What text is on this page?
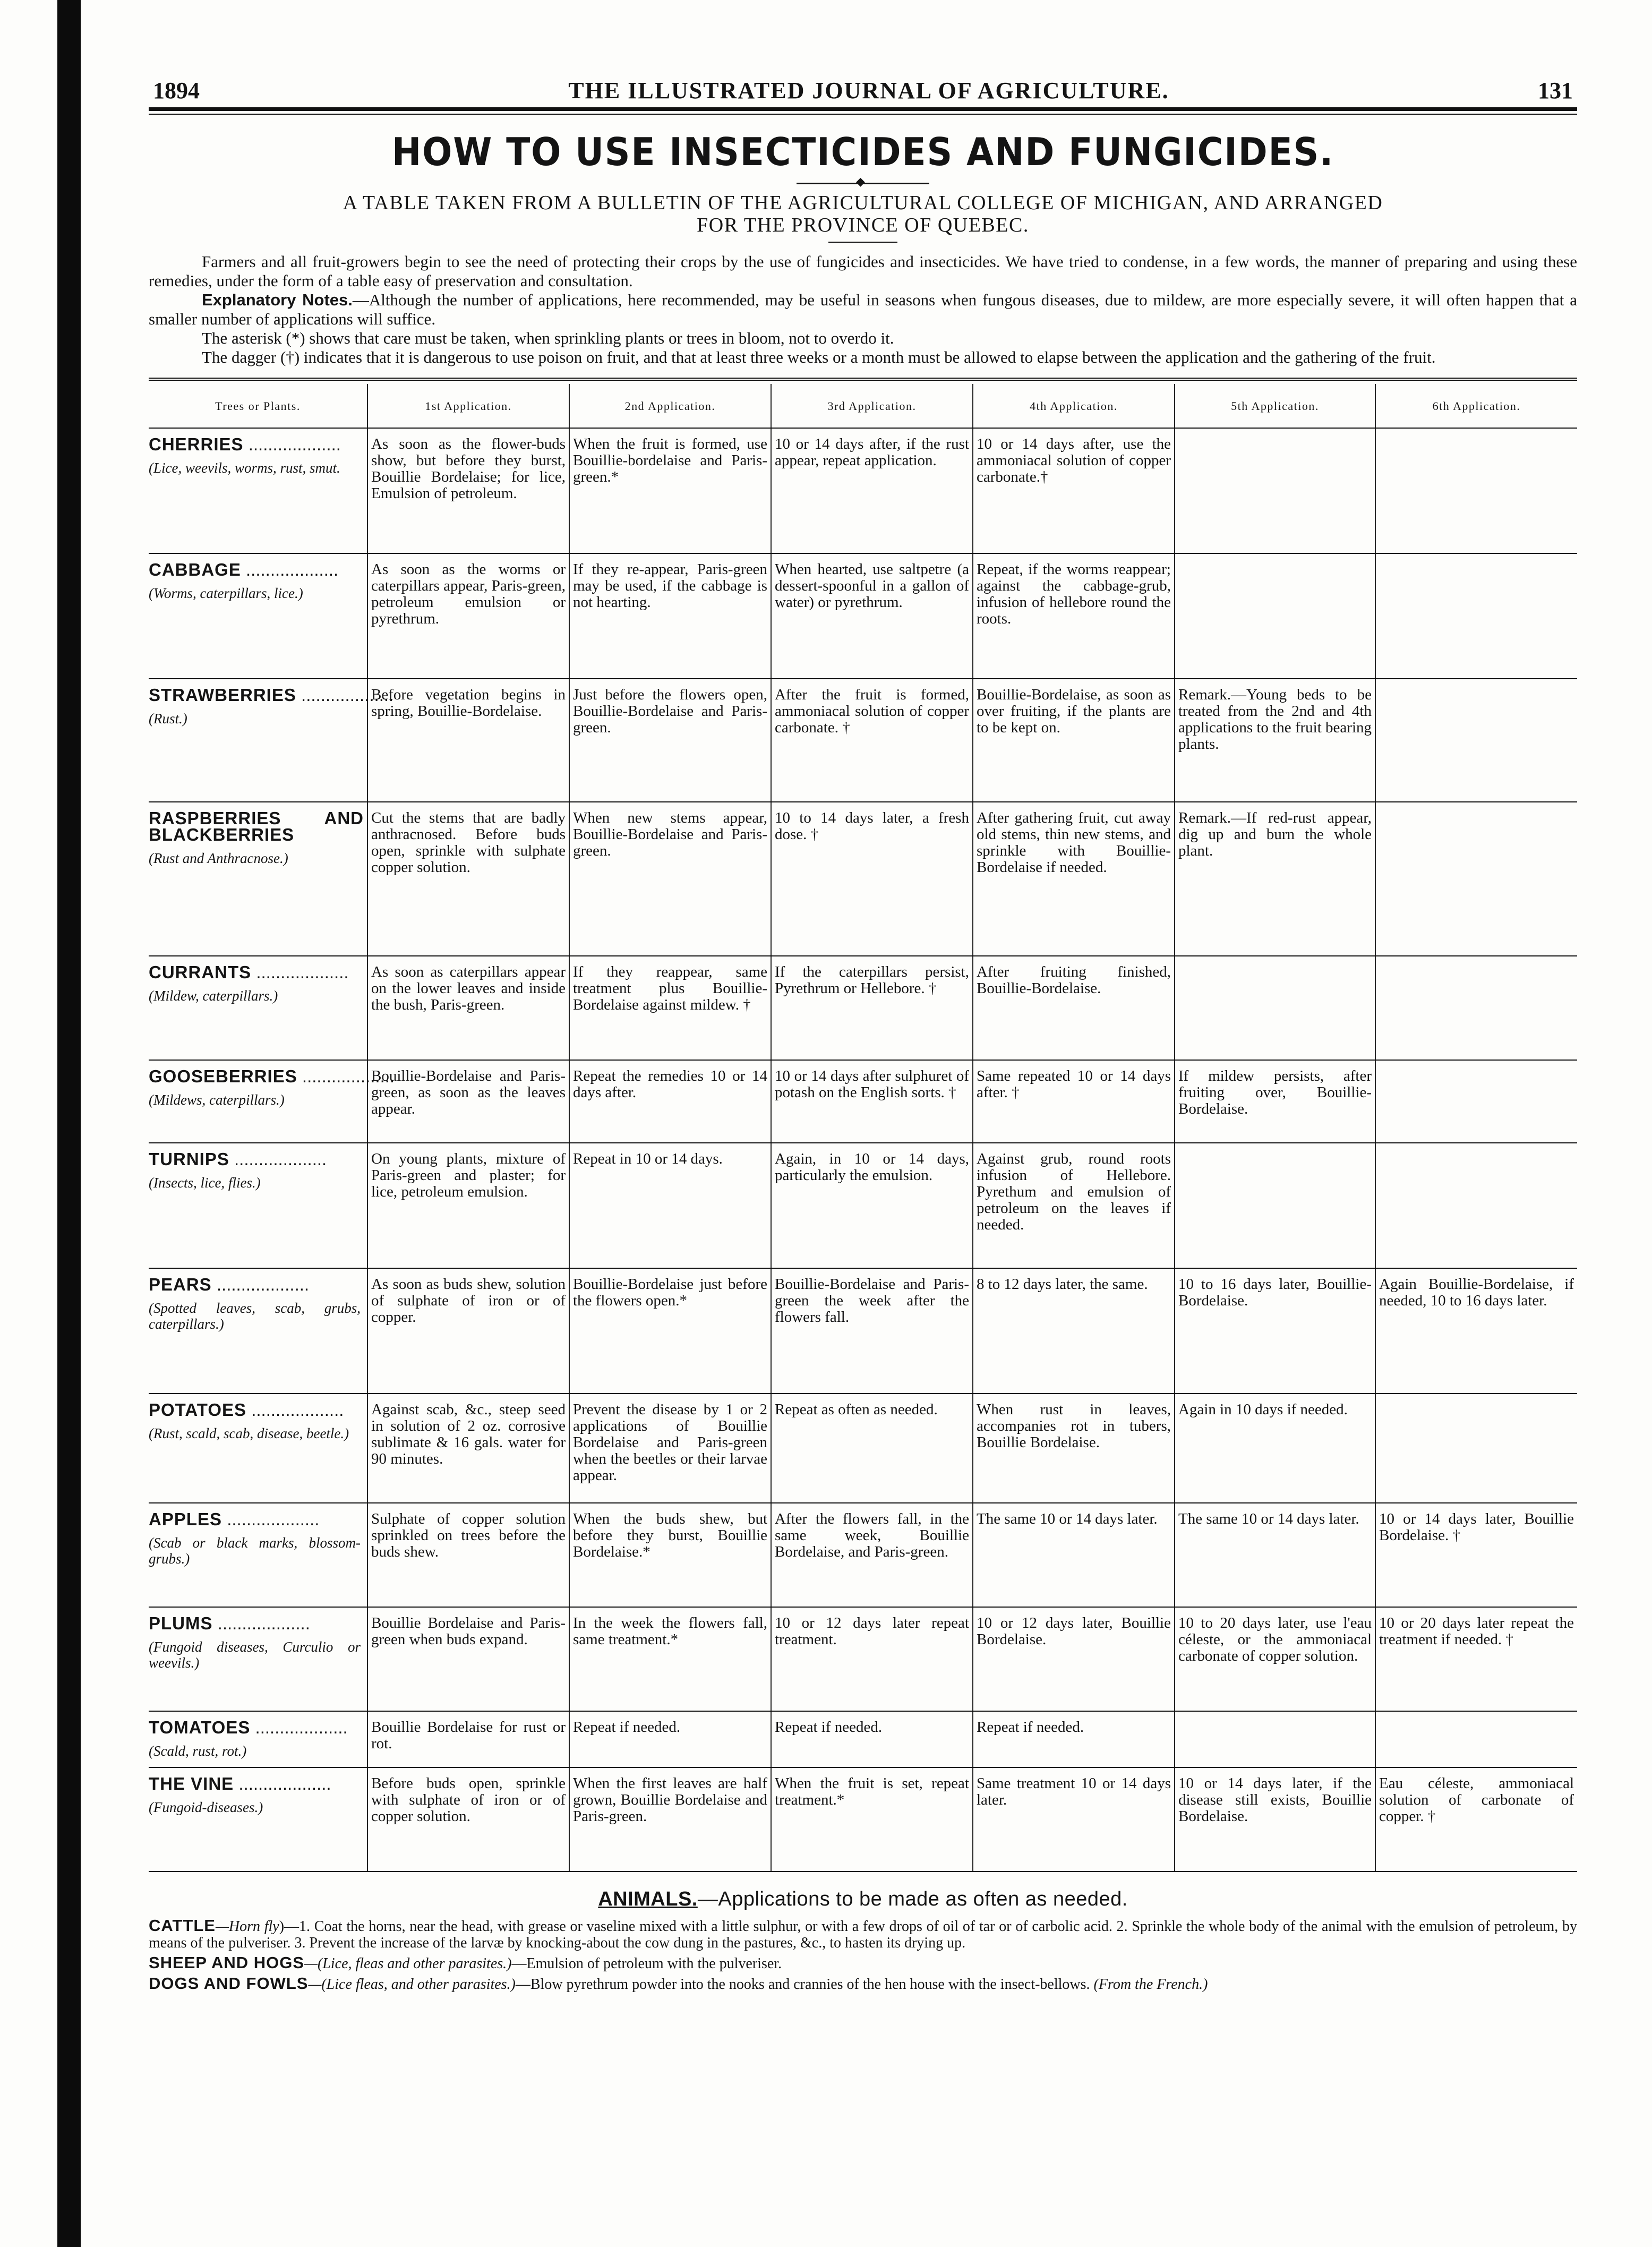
1894	THE ILLUSTRATED JOURNAL OF AGRICULTURE.	131
HOW TO USE INSECTICIDES AND FUNGICIDES.
◆
A TABLE TAKEN FROM A BULLETIN OF THE AGRICULTURAL COLLEGE OF MICHIGAN, AND ARRANGED
FOR THE PROVINCE OF QUEBEC.

Farmers and all fruit-growers begin to see the need of protecting their crops by the use of fungicides and insecticides. We have tried to condense, in a few words, the manner of preparing and using these remedies, under the form of a table easy of preservation and consultation.

Explanatory Notes.—Although the number of applications, here recommended, may be useful in seasons when fungous diseases, due to mildew, are more especially severe, it will often happen that a smaller number of applications will suffice.

The asterisk (*) shows that care must be taken, when sprinkling plants or trees in bloom, not to overdo it.

The dagger (†) indicates that it is dangerous to use poison on fruit, and that at least three weeks or a month must be allowed to elapse between the application and the gathering of the fruit.

Trees or Plants.	1st Application.	2nd Application.	3rd Application.	4th Application.	5th Application.	6th Application.

CHERRIES ...................
(Lice, weevils, worms, rust, smut.	As soon as the flower-buds show, but before they burst, Bouillie Bordelaise; for lice, Emulsion of petroleum.	When the fruit is formed, use Bouillie-bordelaise and Paris-green.*	10 or 14 days after, if the rust appear, repeat application.	10 or 14 days after, use the ammoniacal solution of copper carbonate.†		

CABBAGE ...................
(Worms, caterpillars, lice.)	As soon as the worms or caterpillars appear, Paris-green, petroleum emulsion or pyrethrum.	If they re-appear, Paris-green may be used, if the cabbage is not hearting.	When hearted, use saltpetre (a dessert-spoonful in a gallon of water) or pyrethrum.	Repeat, if the worms reappear; against the cabbage-grub, infusion of hellebore round the roots.		

STRAWBERRIES ...................
(Rust.)	Before vegetation begins in spring, Bouillie-Bordelaise.	Just before the flowers open, Bouillie-Bordelaise and Paris-green.	After the fruit is formed, ammoniacal solution of copper carbonate. †	Bouillie-Bordelaise, as soon as over fruiting, if the plants are to be kept on.	Remark.—Young beds to be treated from the 2nd and 4th applications to the fruit bearing plants.	

RASPBERRIES AND BLACKBERRIES
(Rust and Anthracnose.)	Cut the stems that are badly anthracnosed. Before buds open, sprinkle with sulphate copper solution.	When new stems appear, Bouillie-Bordelaise and Paris-green.	10 to 14 days later, a fresh dose. †	After gathering fruit, cut away old stems, thin new stems, and sprinkle with Bouillie-Bordelaise if needed.	Remark.—If red-rust appear, dig up and burn the whole plant.	

CURRANTS ...................
(Mildew, caterpillars.)	As soon as caterpillars appear on the lower leaves and inside the bush, Paris-green.	If they reappear, same treatment plus Bouillie-Bordelaise against mildew. †	If the caterpillars persist, Pyrethrum or Hellebore. †	After fruiting finished, Bouillie-Bordelaise.		

GOOSEBERRIES ...................
(Mildews, caterpillars.)	Bouillie-Bordelaise and Paris-green, as soon as the leaves appear.	Repeat the remedies 10 or 14 days after.	10 or 14 days after sulphuret of potash on the English sorts. †	Same repeated 10 or 14 days after. †	If mildew persists, after fruiting over, Bouillie-Bordelaise.	

TURNIPS ...................
(Insects, lice, flies.)	On young plants, mixture of Paris-green and plaster; for lice, petroleum emulsion.	Repeat in 10 or 14 days.	Again, in 10 or 14 days, particularly the emulsion.	Against grub, round roots infusion of Hellebore. Pyrethum and emulsion of petroleum on the leaves if needed.		

PEARS ...................
(Spotted leaves, scab, grubs, caterpillars.)	As soon as buds shew, solution of sulphate of iron or of copper.	Bouillie-Bordelaise just before the flowers open.*	Bouillie-Bordelaise and Paris-green the week after the flowers fall.	8 to 12 days later, the same.	10 to 16 days later, Bouillie-Bordelaise.	Again Bouillie-Bordelaise, if needed, 10 to 16 days later.

POTATOES ...................
(Rust, scald, scab, disease, beetle.)	Against scab, &c., steep seed in solution of 2 oz. corrosive sublimate & 16 gals. water for 90 minutes.	Prevent the disease by 1 or 2 applications of Bouillie Bordelaise and Paris-green when the beetles or their larvae appear.	Repeat as often as needed.	When rust in leaves, accompanies rot in tubers, Bouillie Bordelaise.	Again in 10 days if needed.	

APPLES ...................
(Scab or black marks, blossom-grubs.)	Sulphate of copper solution sprinkled on trees before the buds shew.	When the buds shew, but before they burst, Bouillie Bordelaise.*	After the flowers fall, in the same week, Bouillie Bordelaise, and Paris-green.	The same 10 or 14 days later.	The same 10 or 14 days later.	10 or 14 days later, Bouillie Bordelaise. †

PLUMS ...................
(Fungoid diseases, Curculio or weevils.)	Bouillie Bordelaise and Paris-green when buds expand.	In the week the flowers fall, same treatment.*	10 or 12 days later repeat treatment.	10 or 12 days later, Bouillie Bordelaise.	10 to 20 days later, use l'eau céleste, or the ammoniacal carbonate of copper solution.	10 or 20 days later repeat the treatment if needed. †

TOMATOES ...................
(Scald, rust, rot.)	Bouillie Bordelaise for rust or rot.	Repeat if needed.	Repeat if needed.	Repeat if needed.		

THE VINE ...................
(Fungoid-diseases.)	Before buds open, sprinkle with sulphate of iron or of copper solution.	When the first leaves are half grown, Bouillie Bordelaise and Paris-green.	When the fruit is set, repeat treatment.*	Same treatment 10 or 14 days later.	10 or 14 days later, if the disease still exists, Bouillie Bordelaise.	Eau céleste, ammoniacal solution of carbonate of copper. †
ANIMALS.—Applications to be made as often as needed.
CATTLE—Horn fly)—1. Coat the horns, near the head, with grease or vaseline mixed with a little sulphur, or with a few drops of oil of tar or of carbolic acid. 2. Sprinkle the whole body of the animal with the emulsion of petroleum, by means of the pulveriser. 3. Prevent the increase of the larvæ by knocking-about the cow dung in the pastures, &c., to hasten its drying up.
SHEEP AND HOGS—(Lice, fleas and other parasites.)—Emulsion of petroleum with the pulveriser.
DOGS AND FOWLS—(Lice fleas, and other parasites.)—Blow pyrethrum powder into the nooks and crannies of the hen house with the insect-bellows. (From the French.)
